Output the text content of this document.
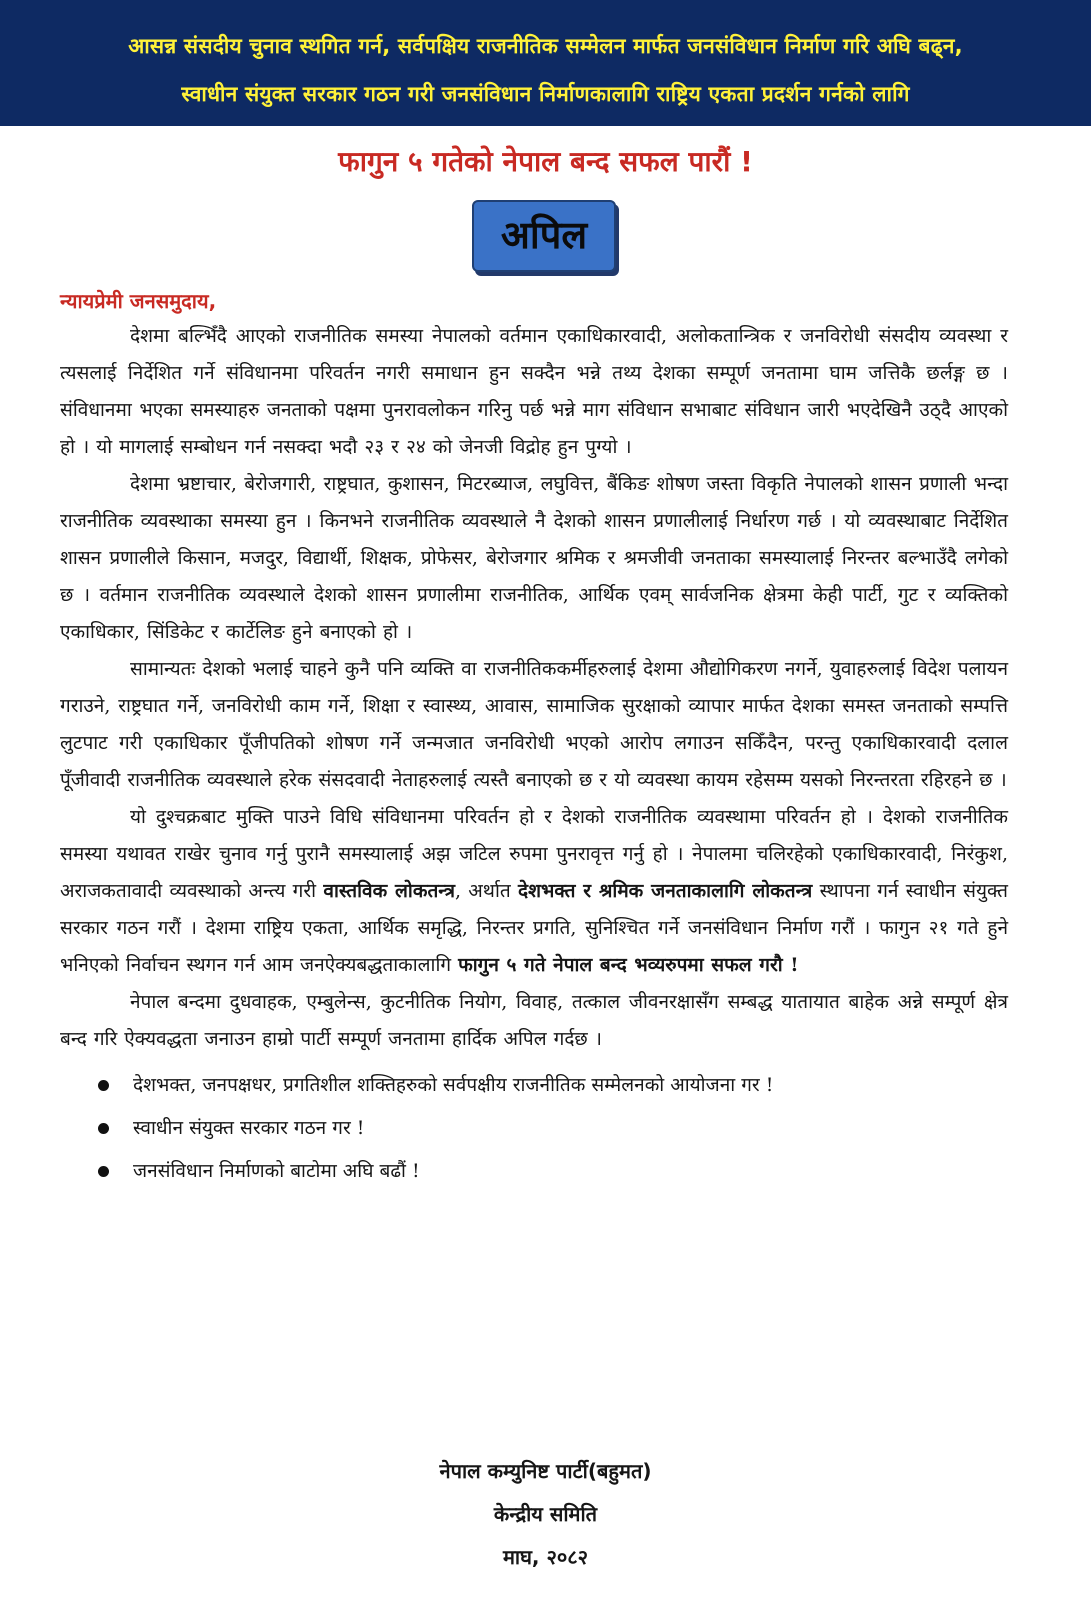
आसन्न संसदीय चुनाव स्थगित गर्न, सर्वपक्षिय राजनीतिक सम्मेलन मार्फत जनसंविधान निर्माण गरि अघि बढ्न,
स्वाधीन संयुक्त सरकार गठन गरी जनसंविधान निर्माणकालागि राष्ट्रिय एकता प्रदर्शन गर्नको लागि
फागुन ५ गतेको नेपाल बन्द सफल पारौं !
अपिल
न्यायप्रेमी जनसमुदाय,

देशमा बल्भिँदै आएको राजनीतिक समस्या नेपालको वर्तमान एकाधिकारवादी, अलोकतान्त्रिक र जनविरोधी संसदीय व्यवस्था र त्यसलाई निर्देशित गर्ने संविधानमा परिवर्तन नगरी समाधान हुन सक्दैन भन्ने तथ्य देशका सम्पूर्ण जनतामा घाम जत्तिकै छर्लङ्ग छ । संविधानमा भएका समस्याहरु जनताको पक्षमा पुनरावलोकन गरिनु पर्छ भन्ने माग संविधान सभाबाट संविधान जारी भएदेखिनै उठ्दै आएको हो । यो मागलाई सम्बोधन गर्न नसक्दा भदौ २३ र २४ को जेनजी विद्रोह हुन पुग्यो ।

देशमा भ्रष्टाचार, बेरोजगारी, राष्ट्रघात, कुशासन, मिटरब्याज, लघुवित्त, बैंकिङ शोषण जस्ता विकृति नेपालको शासन प्रणाली भन्दा राजनीतिक व्यवस्थाका समस्या हुन । किनभने राजनीतिक व्यवस्थाले नै देशको शासन प्रणालीलाई निर्धारण गर्छ । यो व्यवस्थाबाट निर्देशित शासन प्रणालीले किसान, मजदुर, विद्यार्थी, शिक्षक, प्रोफेसर, बेरोजगार श्रमिक र श्रमजीवी जनताका समस्यालाई निरन्तर बल्भाउँदै लगेको छ । वर्तमान राजनीतिक व्यवस्थाले देशको शासन प्रणालीमा राजनीतिक, आर्थिक एवम् सार्वजनिक क्षेत्रमा केही पार्टी, गुट र व्यक्तिको एकाधिकार, सिंडिकेट र कार्टेलिङ हुने बनाएको हो ।

सामान्यतः देशको भलाई चाहने कुनै पनि व्यक्ति वा राजनीतिककर्मीहरुलाई देशमा औद्योगिकरण नगर्ने, युवाहरुलाई विदेश पलायन गराउने, राष्ट्रघात गर्ने, जनविरोधी काम गर्ने, शिक्षा र स्वास्थ्य, आवास, सामाजिक सुरक्षाको व्यापार मार्फत देशका समस्त जनताको सम्पत्ति लुटपाट गरी एकाधिकार पूँजीपतिको शोषण गर्ने जन्मजात जनविरोधी भएको आरोप लगाउन सकिँदैन, परन्तु एकाधिकारवादी दलाल पूँजीवादी राजनीतिक व्यवस्थाले हरेक संसदवादी नेताहरुलाई त्यस्तै बनाएको छ र यो व्यवस्था कायम रहेसम्म यसको निरन्तरता रहिरहने छ ।

यो दुश्चक्रबाट मुक्ति पाउने विधि संविधानमा परिवर्तन हो र देशको राजनीतिक व्यवस्थामा परिवर्तन हो । देशको राजनीतिक समस्या यथावत राखेर चुनाव गर्नु पुरानै समस्यालाई अझ जटिल रुपमा पुनरावृत्त गर्नु हो । नेपालमा चलिरहेको एकाधिकारवादी, निरंकुश, अराजकतावादी व्यवस्थाको अन्त्य गरी वास्तविक लोकतन्त्र, अर्थात देशभक्त र श्रमिक जनताकालागि लोकतन्त्र स्थापना गर्न स्वाधीन संयुक्त सरकार गठन गरौं । देशमा राष्ट्रिय एकता, आर्थिक समृद्धि, निरन्तर प्रगति, सुनिश्चित गर्ने जनसंविधान निर्माण गरौं । फागुन २१ गते हुने भनिएको निर्वाचन स्थगन गर्न आम जनऐक्यबद्धताकालागि फागुन ५ गते नेपाल बन्द भव्यरुपमा सफल गरौ !

नेपाल बन्दमा दुधवाहक, एम्बुलेन्स, कुटनीतिक नियोग, विवाह, तत्काल जीवनरक्षासँग सम्बद्ध यातायात बाहेक अन्ने सम्पूर्ण क्षेत्र बन्द गरि ऐक्यवद्धता जनाउन हाम्रो पार्टी सम्पूर्ण जनतामा हार्दिक अपिल गर्दछ ।

देशभक्त, जनपक्षधर, प्रगतिशील शक्तिहरुको सर्वपक्षीय राजनीतिक सम्मेलनको आयोजना गर !
स्वाधीन संयुक्त सरकार गठन गर !
जनसंविधान निर्माणको बाटोमा अघि बढौं !
नेपाल कम्युनिष्ट पार्टी(बहुमत)
केन्द्रीय समिति
माघ, २०८२
